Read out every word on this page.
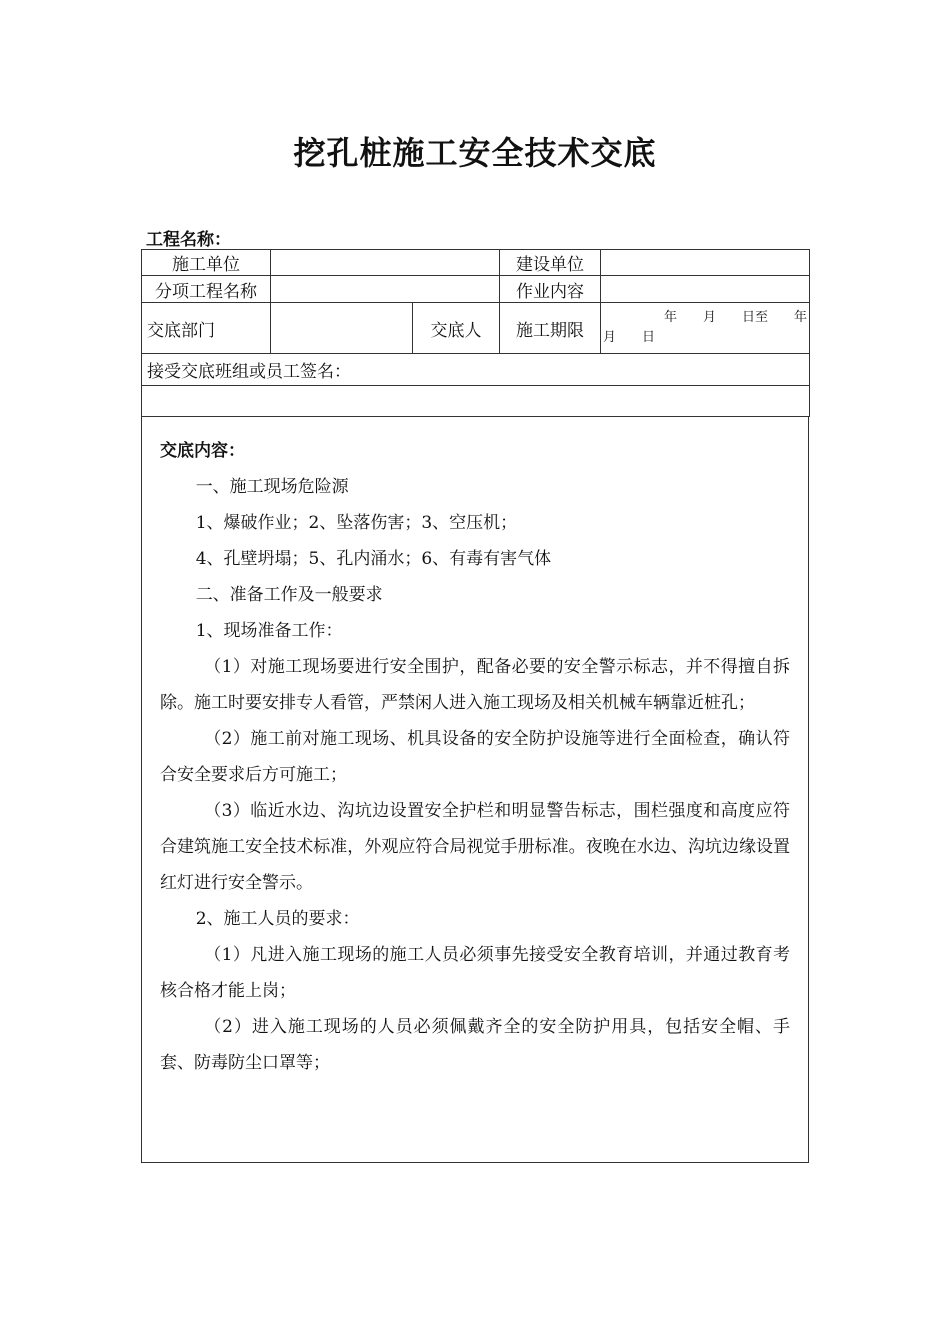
挖孔桩施工安全技术交底
工程名称：
施工单位			建设单位	
分项工程名称			作业内容	
交底部门		交底人	施工期限	年　　月　　日至　　年
月　　日

接受交底班组或员工签名：				

交底内容：

一、施工现场危险源

1、爆破作业；2、坠落伤害；3、空压机；

4、孔壁坍塌；5、孔内涌水；6、有毒有害气体

二、准备工作及一般要求

1、现场准备工作：

（1）对施工现场要进行安全围护，配备必要的安全警示标志，并不得擅自拆除。施工时要安排专人看管，严禁闲人进入施工现场及相关机械车辆靠近桩孔；

（2）施工前对施工现场、机具设备的安全防护设施等进行全面检查，确认符合安全要求后方可施工；

（3）临近水边、沟坑边设置安全护栏和明显警告标志，围栏强度和高度应符合建筑施工安全技术标准，外观应符合局视觉手册标准。夜晚在水边、沟坑边缘设置红灯进行安全警示。

2、施工人员的要求：

（1）凡进入施工现场的施工人员必须事先接受安全教育培训，并通过教育考核合格才能上岗；

（2）进入施工现场的人员必须佩戴齐全的安全防护用具，包括安全帽、手套、防毒防尘口罩等；
